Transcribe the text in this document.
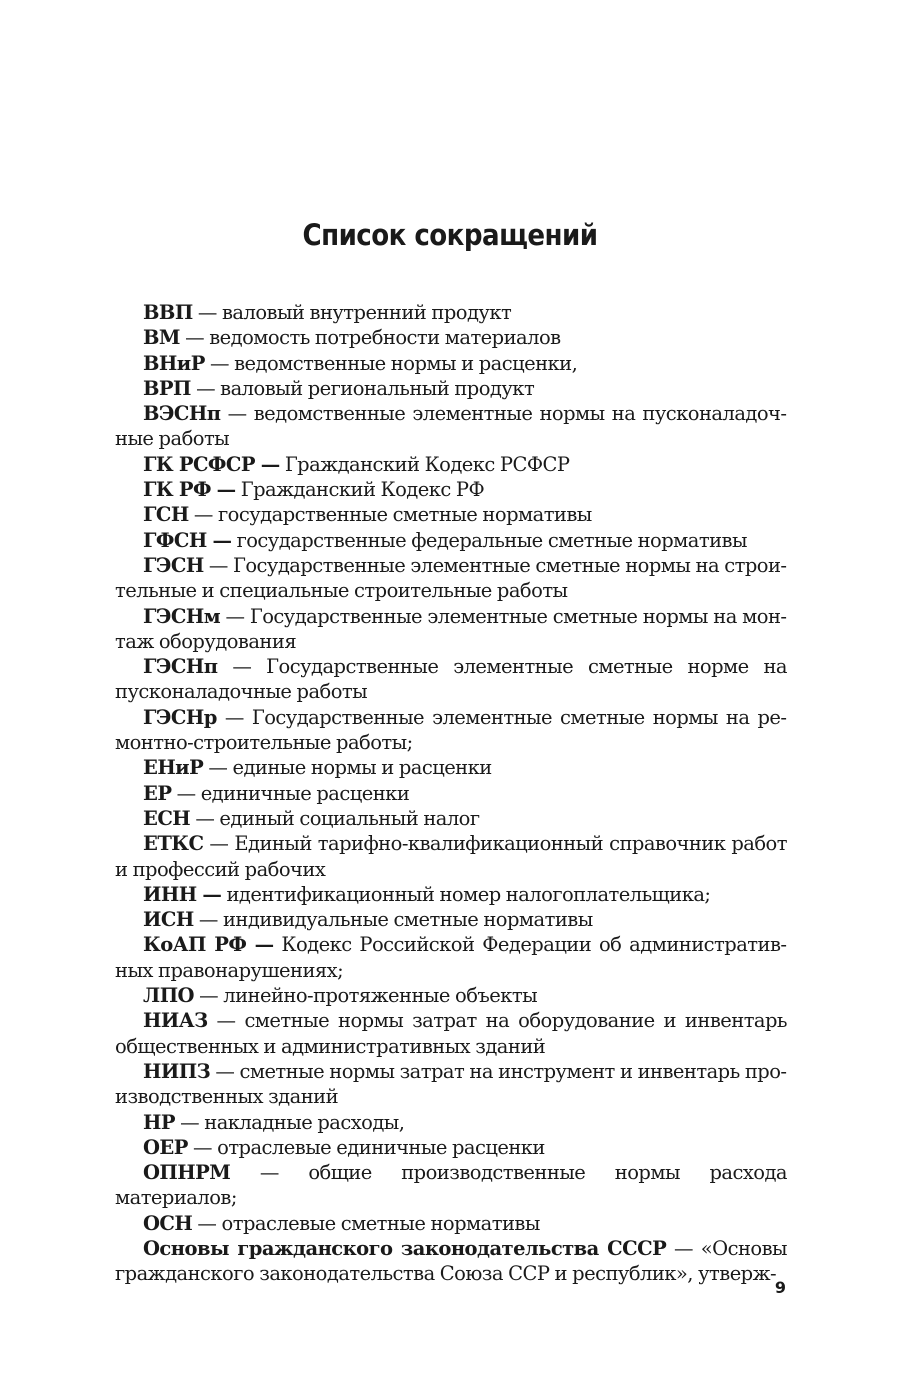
Список сокращений

ВВП — валовый внутренний продукт

ВМ — ведомость потребности материалов

ВНиР — ведомственные нормы и расценки,

ВРП — валовый региональный продукт

ВЭСНп — ведомственные элементные нормы на пусконаладочные работы

ГК РСФСР — Гражданский Кодекс РСФСР

ГК РФ — Гражданский Кодекс РФ

ГСН — государственные сметные нормативы

ГФСН — государственные федеральные сметные нормативы

ГЭСН — Государственные элементные сметные нормы на строительные и специальные строительные работы

ГЭСНм — Государственные элементные сметные нормы на монтаж оборудования

ГЭСНп — Государственные элементные сметные норме на пусконаладочные работы

ГЭСНр — Государственные элементные сметные нормы на ремонтно-строительные работы;

ЕНиР — единые нормы и расценки

ЕР — единичные расценки

ЕСН — единый социальный налог

ЕТКС — Единый тарифно-квалификационный справочник работ и профессий рабочих

ИНН — идентификационный номер налогоплательщика;

ИСН — индивидуальные сметные нормативы

КоАП РФ — Кодекс Российской Федерации об административных правонарушениях;

ЛПО — линейно-протяженные объекты

НИАЗ — сметные нормы затрат на оборудование и инвентарь общественных и административных зданий

НИПЗ — сметные нормы затрат на инструмент и инвентарь производственных зданий

НР — накладные расходы,

ОЕР — отраслевые единичные расценки

ОПНРМ — общие производственные нормы расхода материалов;

ОСН — отраслевые сметные нормативы

Основы гражданского законодательства СССР — «Основы гражданского законодательства Союза ССР и республик», утверж-

9
